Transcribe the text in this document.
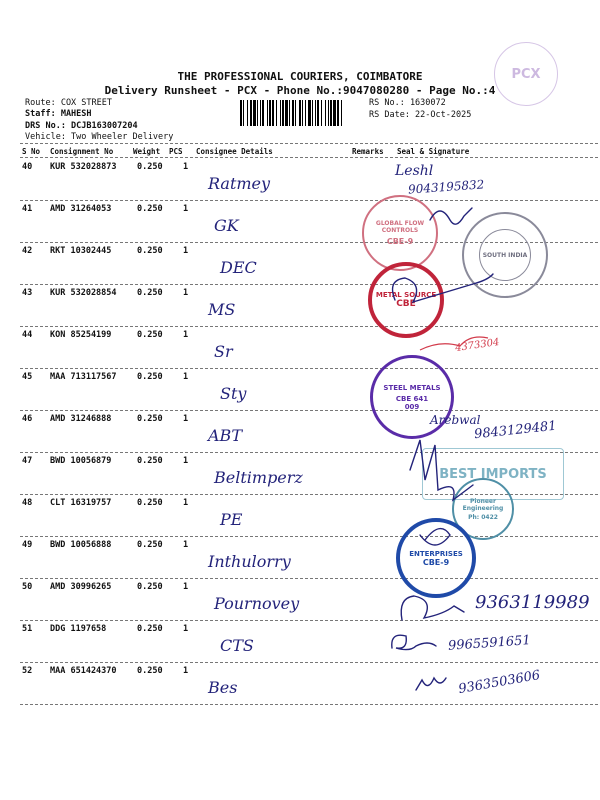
PCX
THE PROFESSIONAL COURIERS, COIMBATORE
Delivery Runsheet - PCX - Phone No.:9047080280 - Page No.:4
Route: COX STREET
Staff: MAHESH
DRS No.: DCJB163007204
Vehicle: Two Wheeler Delivery
RS No.: 1630072
RS Date: 22-Oct-2025
S No Consignment No	Weight PCS Consignee Details	Remarks Seal & Signature
40 KUR 532028873 0.250 1
Ratmey
41 AMD 31264053	0.250 1
GK
42 RKT 10302445	0.250 1
DEC
43 KUR 532028854 0.250 1
MS
44 KON 85254199	0.250 1
Sr
45 MAA 713117567 0.250 1
Sty
46 AMD 31246888	0.250 1
ABT
47 BWD 10056879	0.250 1
Beltimperz
48 CLT 16319757	0.250 1
PE
49 BWD 10056888	0.250 1
Inthulorry
50 AMD 30996265	0.250 1
Pournovey
51 DDG 1197658	0.250 1
CTS
52 MAA 651424370 0.250 1
Bes
GLOBAL FLOW CONTROLS
CBE-9
SOUTH INDIA
METAL SOURCE
CBE
STEEL METALS
CBE 641 009
BEST IMPORTS
Pioneer Engineering
Ph: 0422
ENTERPRISES
CBE-9
Leshl
9043195832
4373304
Arebwal
9843129481
9363119989
9965591651
9363503606
